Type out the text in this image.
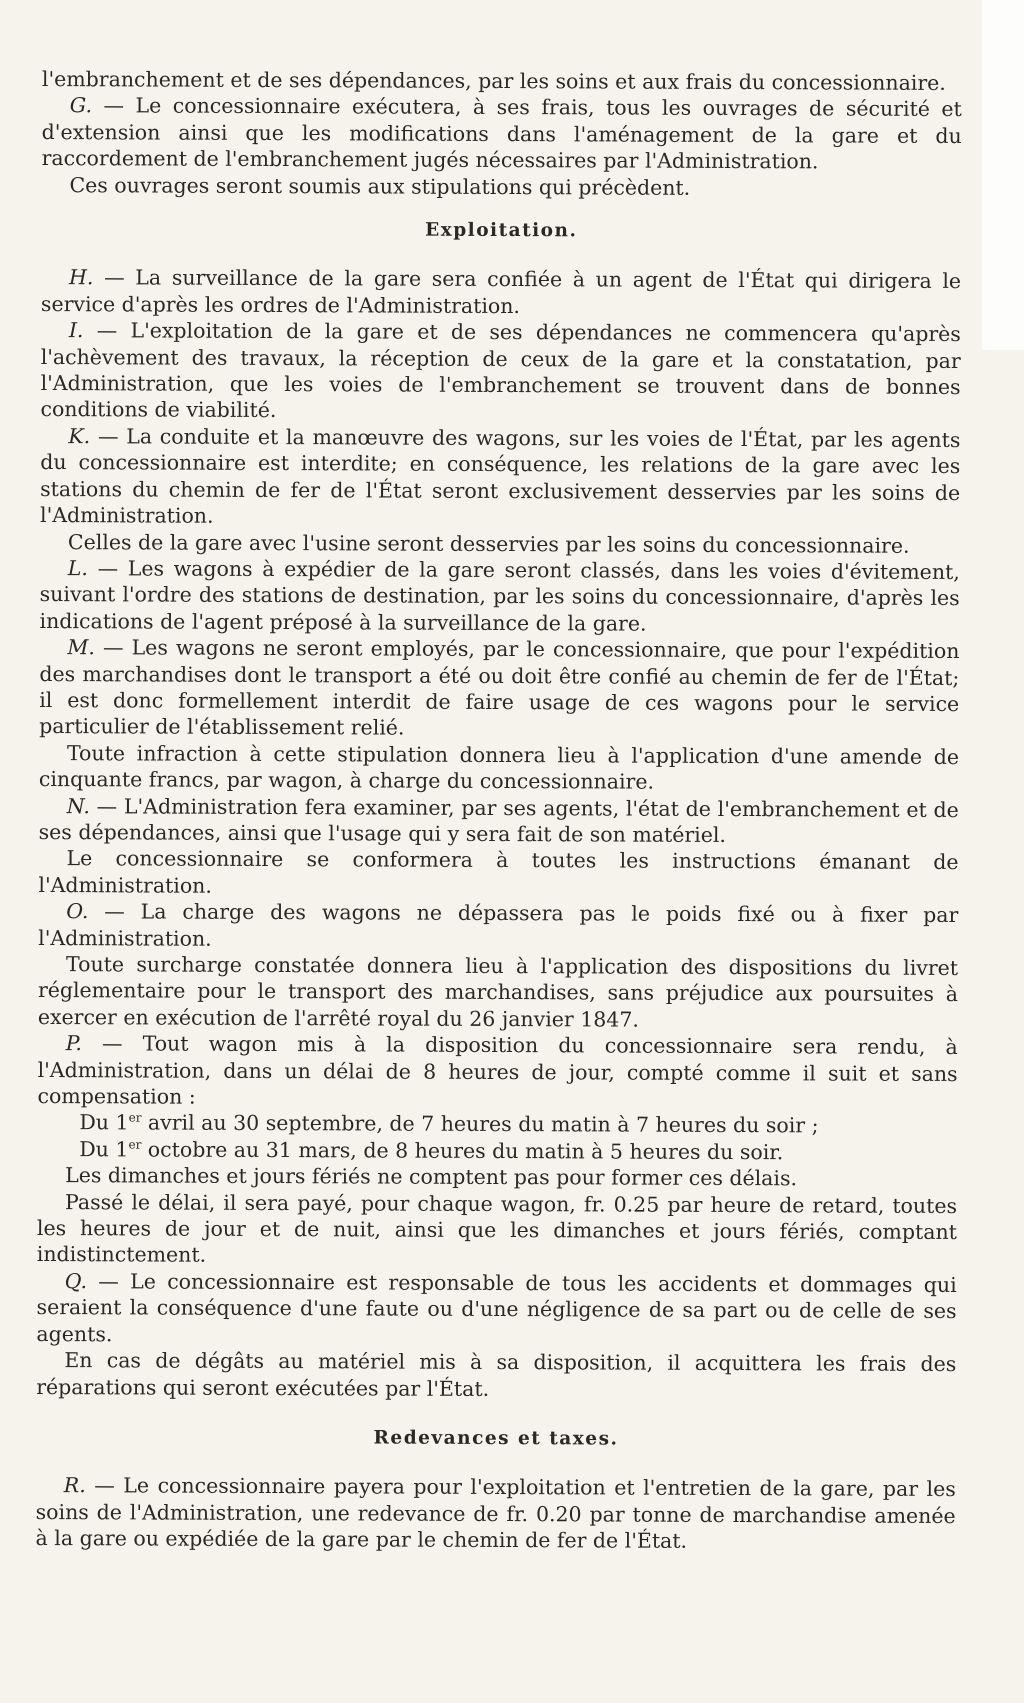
l'embranchement et de ses dépendances, par les soins et aux frais du concessionnaire.

G. — Le concessionnaire exécutera, à ses frais, tous les ouvrages de sécurité et d'extension ainsi que les modifications dans l'aménagement de la gare et du raccordement de l'embranchement jugés nécessaires par l'Administration.

Ces ouvrages seront soumis aux stipulations qui précèdent.

Exploitation.

H. — La surveillance de la gare sera confiée à un agent de l'État qui dirigera le service d'après les ordres de l'Administration.

I. — L'exploitation de la gare et de ses dépendances ne commencera qu'après l'achèvement des travaux, la réception de ceux de la gare et la constatation, par l'Administration, que les voies de l'embranchement se trouvent dans de bonnes conditions de viabilité.

K. — La conduite et la manœuvre des wagons, sur les voies de l'État, par les agents du concessionnaire est interdite; en conséquence, les relations de la gare avec les stations du chemin de fer de l'État seront exclusivement desservies par les soins de l'Administration.

Celles de la gare avec l'usine seront desservies par les soins du concessionnaire.

L. — Les wagons à expédier de la gare seront classés, dans les voies d'évitement, suivant l'ordre des stations de destination, par les soins du concessionnaire, d'après les indications de l'agent préposé à la surveillance de la gare.

M. — Les wagons ne seront employés, par le concessionnaire, que pour l'expédition des marchandises dont le transport a été ou doit être confié au chemin de fer de l'État; il est donc formellement interdit de faire usage de ces wagons pour le service particulier de l'établissement relié.

Toute infraction à cette stipulation donnera lieu à l'application d'une amende de cinquante francs, par wagon, à charge du concessionnaire.

N. — L'Administration fera examiner, par ses agents, l'état de l'embranchement et de ses dépendances, ainsi que l'usage qui y sera fait de son matériel.

Le concessionnaire se conformera à toutes les instructions émanant de l'Administration.

O. — La charge des wagons ne dépassera pas le poids fixé ou à fixer par l'Administration.

Toute surcharge constatée donnera lieu à l'application des dispositions du livret réglementaire pour le transport des marchandises, sans préjudice aux poursuites à exercer en exécution de l'arrêté royal du 26 janvier 1847.

P. — Tout wagon mis à la disposition du concessionnaire sera rendu, à l'Administration, dans un délai de 8 heures de jour, compté comme il suit et sans compensation :

Du 1er avril au 30 septembre, de 7 heures du matin à 7 heures du soir ;

Du 1er octobre au 31 mars, de 8 heures du matin à 5 heures du soir.

Les dimanches et jours fériés ne comptent pas pour former ces délais.

Passé le délai, il sera payé, pour chaque wagon, fr. 0.25 par heure de retard, toutes les heures de jour et de nuit, ainsi que les dimanches et jours fériés, comptant indistinctement.

Q. — Le concessionnaire est responsable de tous les accidents et dommages qui seraient la conséquence d'une faute ou d'une négligence de sa part ou de celle de ses agents.

En cas de dégâts au matériel mis à sa disposition, il acquittera les frais des réparations qui seront exécutées par l'État.

Redevances et taxes.

R. — Le concessionnaire payera pour l'exploitation et l'entretien de la gare, par les soins de l'Administration, une redevance de fr. 0.20 par tonne de marchandise amenée à la gare ou expédiée de la gare par le chemin de fer de l'État.
